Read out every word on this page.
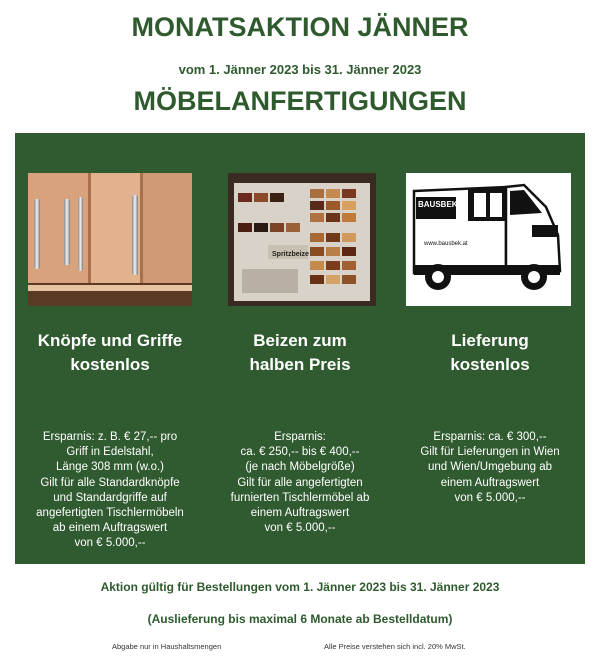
MONATSAKTION JÄNNER
vom 1. Jänner 2023 bis 31. Jänner 2023
MÖBELANFERTIGUNGEN
Knöpfe und Griffe
kostenlos
Ersparnis: z. B. € 27,-- pro
Griff in Edelstahl,
Länge 308 mm (w.o.)
Gilt für alle Standardknöpfe
und Standardgriffe auf
angefertigten Tischlermöbeln
ab einem Auftragswert
von € 5.000,--
Spritzbeize
Beizen zum
halben Preis
Ersparnis:
ca. € 250,-- bis € 400,--
(je nach Möbelgröße)
Gilt für alle angefertigten
furnierten Tischlermöbel ab
einem Auftragswert
von € 5.000,--
BAUSBEK
www.bausbek.at
Lieferung
kostenlos
Ersparnis: ca. € 300,--
Gilt für Lieferungen in Wien
und Wien/Umgebung ab
einem Auftragswert
von € 5.000,--
Aktion gültig für Bestellungen vom 1. Jänner 2023 bis 31. Jänner 2023
(Auslieferung bis maximal 6 Monate ab Bestelldatum)
Abgabe nur in Haushaltsmengen	Alle Preise verstehen sich incl. 20% MwSt.
